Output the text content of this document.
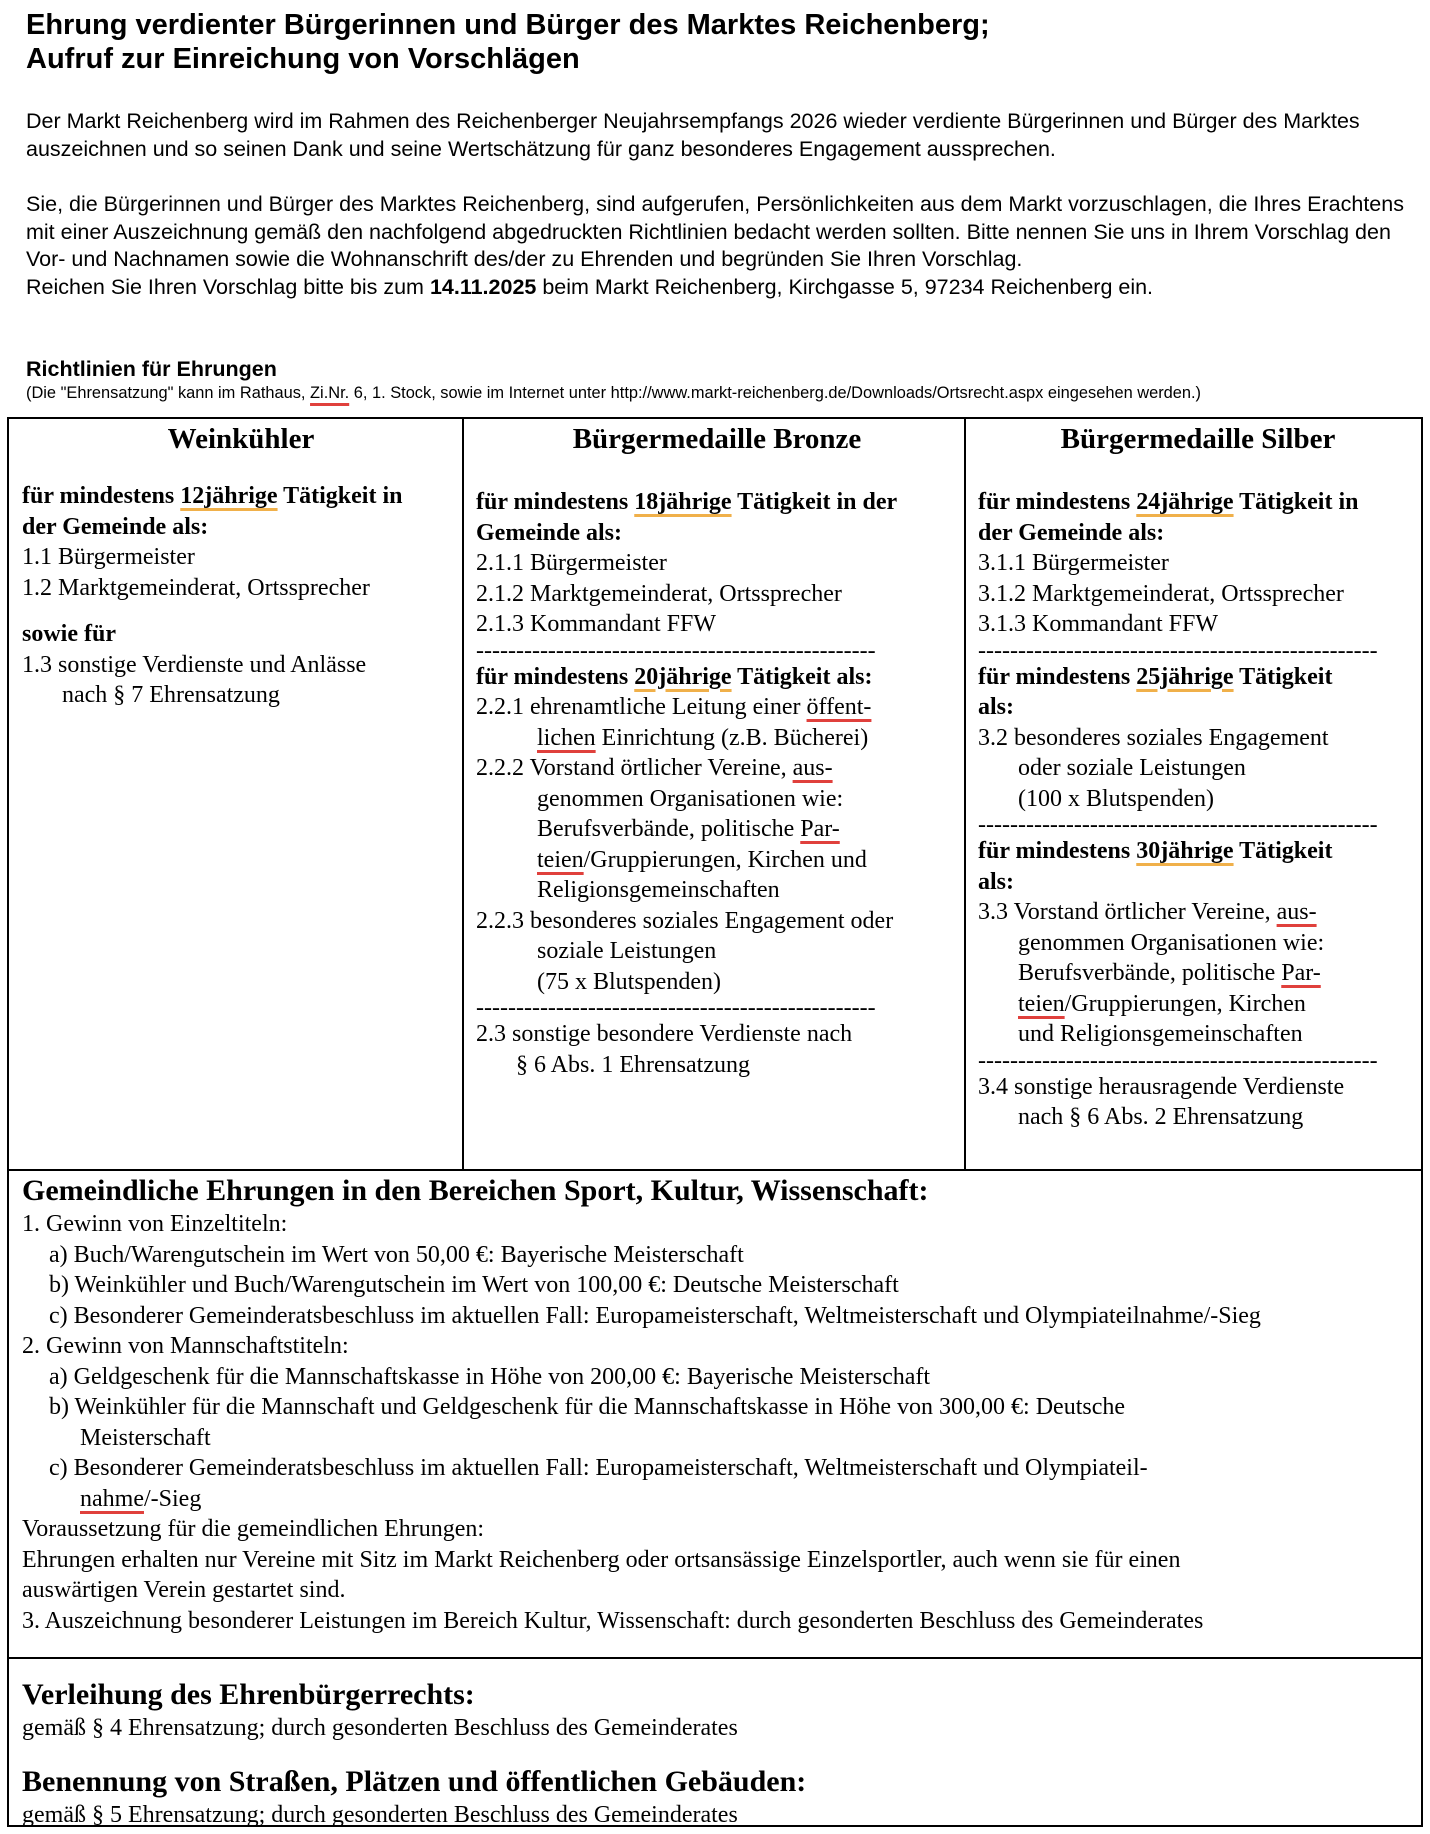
Ehrung verdienter Bürgerinnen und Bürger des Marktes Reichenberg;
Aufruf zur Einreichung von Vorschlägen

Der Markt Reichenberg wird im Rahmen des Reichenberger Neujahrsempfangs 2026 wieder verdiente Bürgerinnen und Bürger des Marktes auszeichnen und so seinen Dank und seine Wertschätzung für ganz besonderes Engagement aussprechen.

Sie, die Bürgerinnen und Bürger des Marktes Reichenberg, sind aufgerufen, Persönlichkeiten aus dem Markt vorzuschlagen, die Ihres Erachtens mit einer Auszeichnung gemäß den nachfolgend abgedruckten Richtlinien bedacht werden sollten. Bitte nennen Sie uns in Ihrem Vorschlag den Vor- und Nachnamen sowie die Wohnanschrift des/der zu Ehrenden und begründen Sie Ihren Vorschlag.

Reichen Sie Ihren Vorschlag bitte bis zum 14.11.2025 beim Markt Reichenberg, Kirchgasse 5, 97234 Reichenberg ein.

Richtlinien für Ehrungen
(Die "Ehrensatzung" kann im Rathaus, Zi.Nr. 6, 1. Stock, sowie im Internet unter http://www.markt-reichenberg.de/Downloads/Ortsrecht.aspx eingesehen werden.)
Weinkühler
für mindestens 12jährige Tätigkeit in
der Gemeinde als:
1.1 Bürgermeister
1.2 Marktgemeinderat, Ortssprecher
sowie für
1.3 sonstige Verdienste und Anlässe
nach § 7 Ehrensatzung
Bürgermedaille Bronze
für mindestens 18jährige Tätigkeit in der
Gemeinde als:
2.1.1 Bürgermeister
2.1.2 Marktgemeinderat, Ortssprecher
2.1.3 Kommandant FFW
--------------------------------------------------
für mindestens 20jährige Tätigkeit als:
2.2.1 ehrenamtliche Leitung einer öffent-
lichen Einrichtung (z.B. Bücherei)
2.2.2 Vorstand örtlicher Vereine, aus-
genommen Organisationen wie:
Berufsverbände, politische Par-
teien/Gruppierungen, Kirchen und
Religionsgemeinschaften
2.2.3 besonderes soziales Engagement oder
soziale Leistungen
(75 x Blutspenden)
--------------------------------------------------
2.3 sonstige besondere Verdienste nach
§ 6 Abs. 1 Ehrensatzung
Bürgermedaille Silber
für mindestens 24jährige Tätigkeit in
der Gemeinde als:
3.1.1 Bürgermeister
3.1.2 Marktgemeinderat, Ortssprecher
3.1.3 Kommandant FFW
--------------------------------------------------
für mindestens 25jährige Tätigkeit
als:
3.2 besonderes soziales Engagement
oder soziale Leistungen
(100 x Blutspenden)
--------------------------------------------------
für mindestens 30jährige Tätigkeit
als:
3.3 Vorstand örtlicher Vereine, aus-
genommen Organisationen wie:
Berufsverbände, politische Par-
teien/Gruppierungen, Kirchen
und Religionsgemeinschaften
--------------------------------------------------
3.4 sonstige herausragende Verdienste
nach § 6 Abs. 2 Ehrensatzung
Gemeindliche Ehrungen in den Bereichen Sport, Kultur, Wissenschaft:
1. Gewinn von Einzeltiteln:
a) Buch/Warengutschein im Wert von 50,00 €: Bayerische Meisterschaft
b) Weinkühler und Buch/Warengutschein im Wert von 100,00 €: Deutsche Meisterschaft
c) Besonderer Gemeinderatsbeschluss im aktuellen Fall: Europameisterschaft, Weltmeisterschaft und Olympiateilnahme/-Sieg
2. Gewinn von Mannschaftstiteln:
a) Geldgeschenk für die Mannschaftskasse in Höhe von 200,00 €: Bayerische Meisterschaft
b) Weinkühler für die Mannschaft und Geldgeschenk für die Mannschaftskasse in Höhe von 300,00 €: Deutsche
Meisterschaft
c) Besonderer Gemeinderatsbeschluss im aktuellen Fall: Europameisterschaft, Weltmeisterschaft und Olympiateil-
nahme/-Sieg
Voraussetzung für die gemeindlichen Ehrungen:
Ehrungen erhalten nur Vereine mit Sitz im Markt Reichenberg oder ortsansässige Einzelsportler, auch wenn sie für einen
auswärtigen Verein gestartet sind.
3. Auszeichnung besonderer Leistungen im Bereich Kultur, Wissenschaft: durch gesonderten Beschluss des Gemeinderates
Verleihung des Ehrenbürgerrechts:
gemäß § 4 Ehrensatzung; durch gesonderten Beschluss des Gemeinderates
Benennung von Straßen, Plätzen und öffentlichen Gebäuden:
gemäß § 5 Ehrensatzung; durch gesonderten Beschluss des Gemeinderates
